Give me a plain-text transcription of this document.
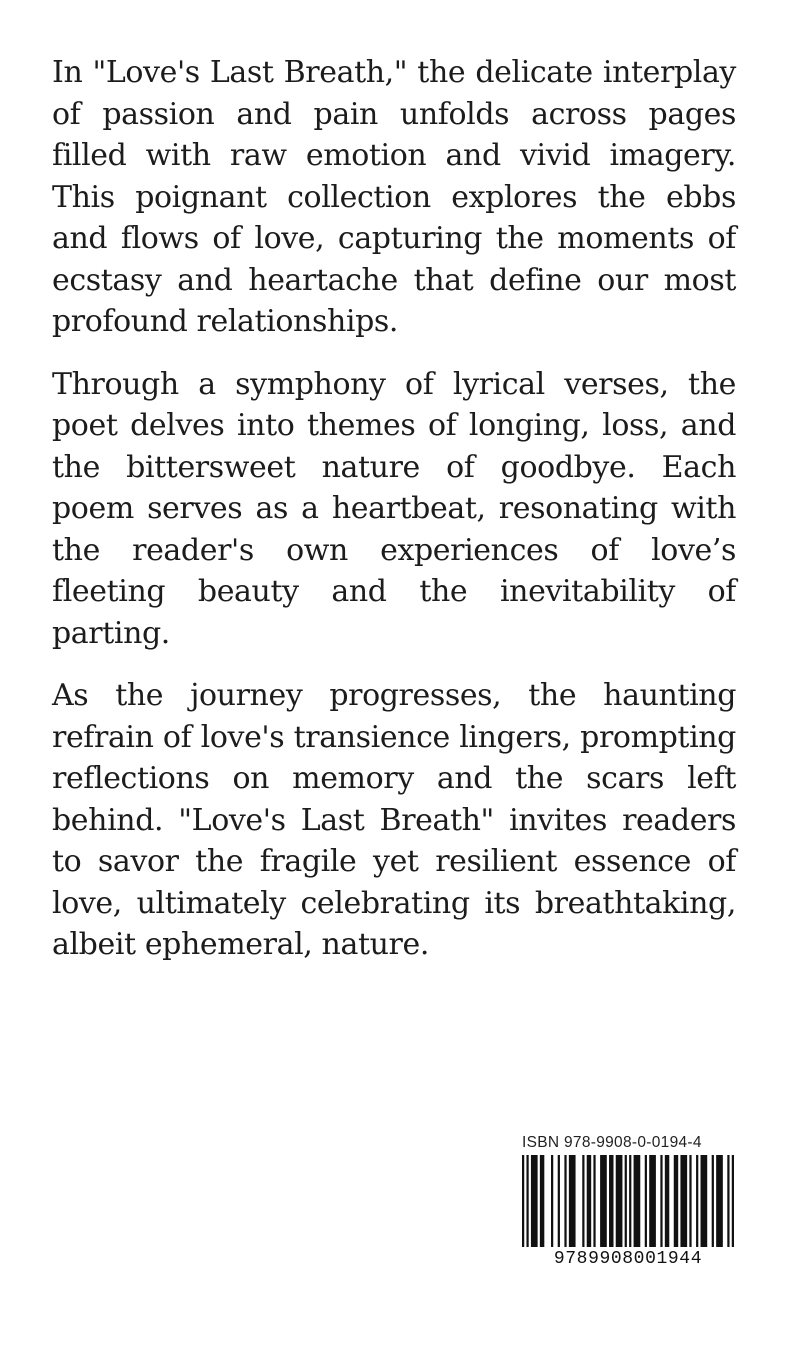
In "Love's Last Breath," the delicate interplay of passion and pain unfolds across pages filled with raw emotion and vivid imagery. This poignant collection explores the ebbs and flows of love, capturing the moments of ecstasy and heartache that define our most profound relationships.

Through a symphony of lyrical verses, the poet delves into themes of longing, loss, and the bittersweet nature of goodbye. Each poem serves as a heartbeat, resonating with the reader's own experiences of love’s fleeting beauty and the inevitability of parting.

As the journey progresses, the haunting refrain of love's transience lingers, prompting reflections on memory and the scars left behind. "Love's Last Breath" invites readers to savor the fragile yet resilient essence of love, ultimately celebrating its breathtaking, albeit ephemeral, nature.

ISBN 978-9908-0-0194-4
9789908001944
